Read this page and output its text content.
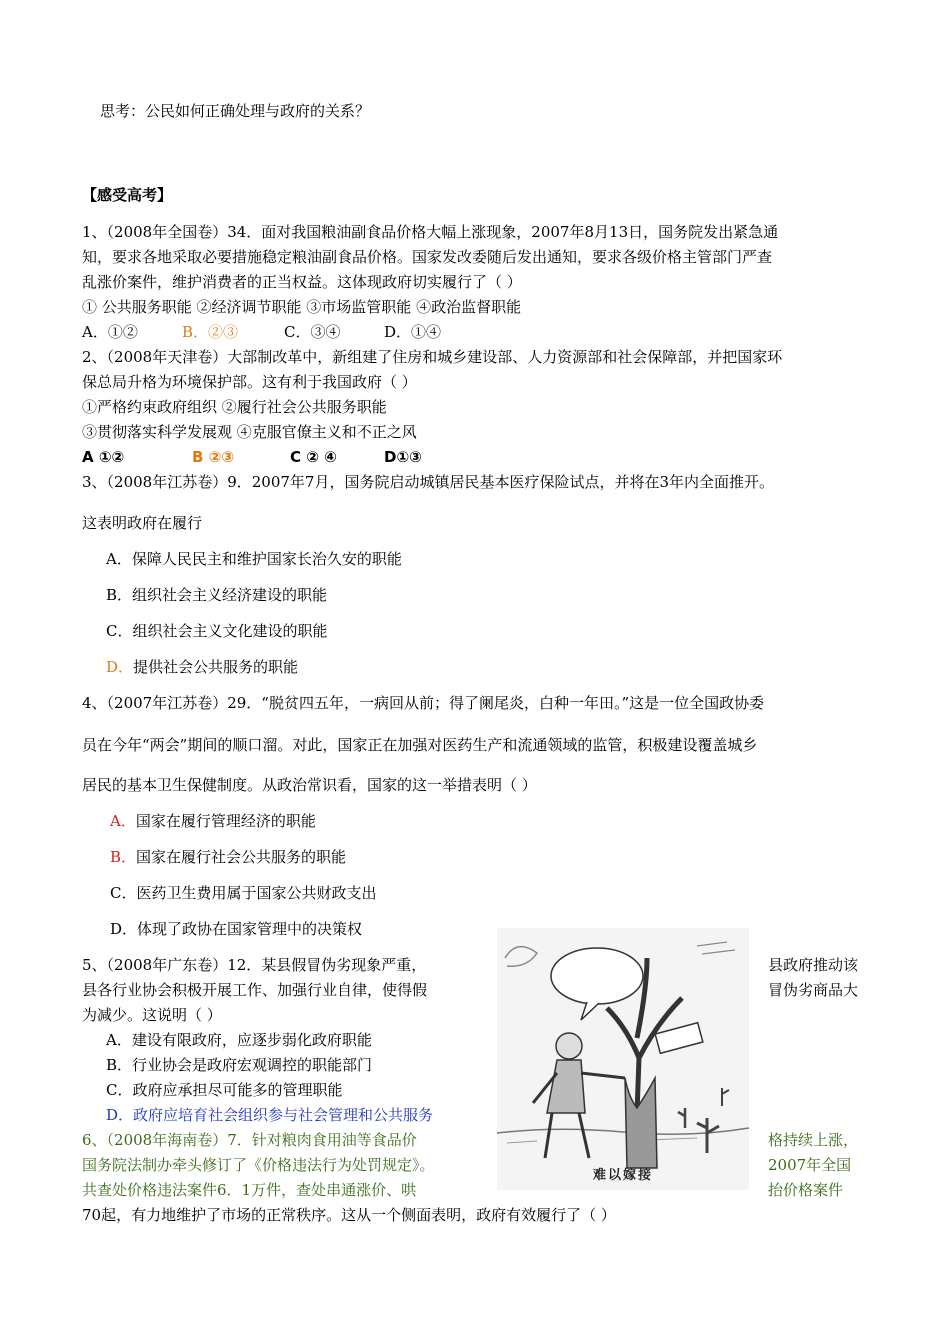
思考：公民如何正确处理与政府的关系？
【感受高考】
1、（2008年全国卷）34．面对我国粮油副食品价格大幅上涨现象，2007年8月13日，国务院发出紧急通
知，要求各地采取必要措施稳定粮油副食品价格。国家发改委随后发出通知，要求各级价格主管部门严查
乱涨价案件，维护消费者的正当权益。这体现政府切实履行了（ ）
① 公共服务职能 ②经济调节职能 ③市场监管职能 ④政治监督职能
A．①②	B．②③	C．③④	D．①④
2、（2008年天津卷）大部制改革中，新组建了住房和城乡建设部、人力资源部和社会保障部，并把国家环
保总局升格为环境保护部。这有利于我国政府（ ）
①严格约束政府组织 ②履行社会公共服务职能
③贯彻落实科学发展观 ④克服官僚主义和不正之风
A ①②	B ②③	C ② ④	D①③
3、（2008年江苏卷）9．2007年7月，国务院启动城镇居民基本医疗保险试点，并将在3年内全面推开。
这表明政府在履行
A．保障人民民主和维护国家长治久安的职能
B．组织社会主义经济建设的职能
C．组织社会主义文化建设的职能
D．提供社会公共服务的职能
4、（2007年江苏卷）29．“脱贫四五年，一病回从前；得了阑尾炎，白种一年田。”这是一位全国政协委
员在今年“两会”期间的顺口溜。对此，国家正在加强对医药生产和流通领域的监管，积极建设覆盖城乡
居民的基本卫生保健制度。从政治常识看，国家的这一举措表明（ ）
A．国家在履行管理经济的职能
B．国家在履行社会公共服务的职能
C．医药卫生费用属于国家公共财政支出
D．体现了政协在国家管理中的决策权
5、（2008年广东卷）12．某县假冒伪劣现象严重，	县政府推动该
县各行业协会积极开展工作、加强行业自律，使得假	冒伪劣商品大
为减少。这说明（ ）
A．建设有限政府，应逐步弱化政府职能
B．行业协会是政府宏观调控的职能部门
C．政府应承担尽可能多的管理职能
D．政府应培育社会组织参与社会管理和公共服务
6、（2008年海南卷）7．针对粮肉食用油等食品价	格持续上涨，
国务院法制办牵头修订了《价格违法行为处罚规定》。	2007年全国
共查处价格违法案件6．1万件，查处串通涨价、哄	抬价格案件
70起，有力地维护了市场的正常秩序。这从一个侧面表明，政府有效履行了（ ）
难以嫁接
